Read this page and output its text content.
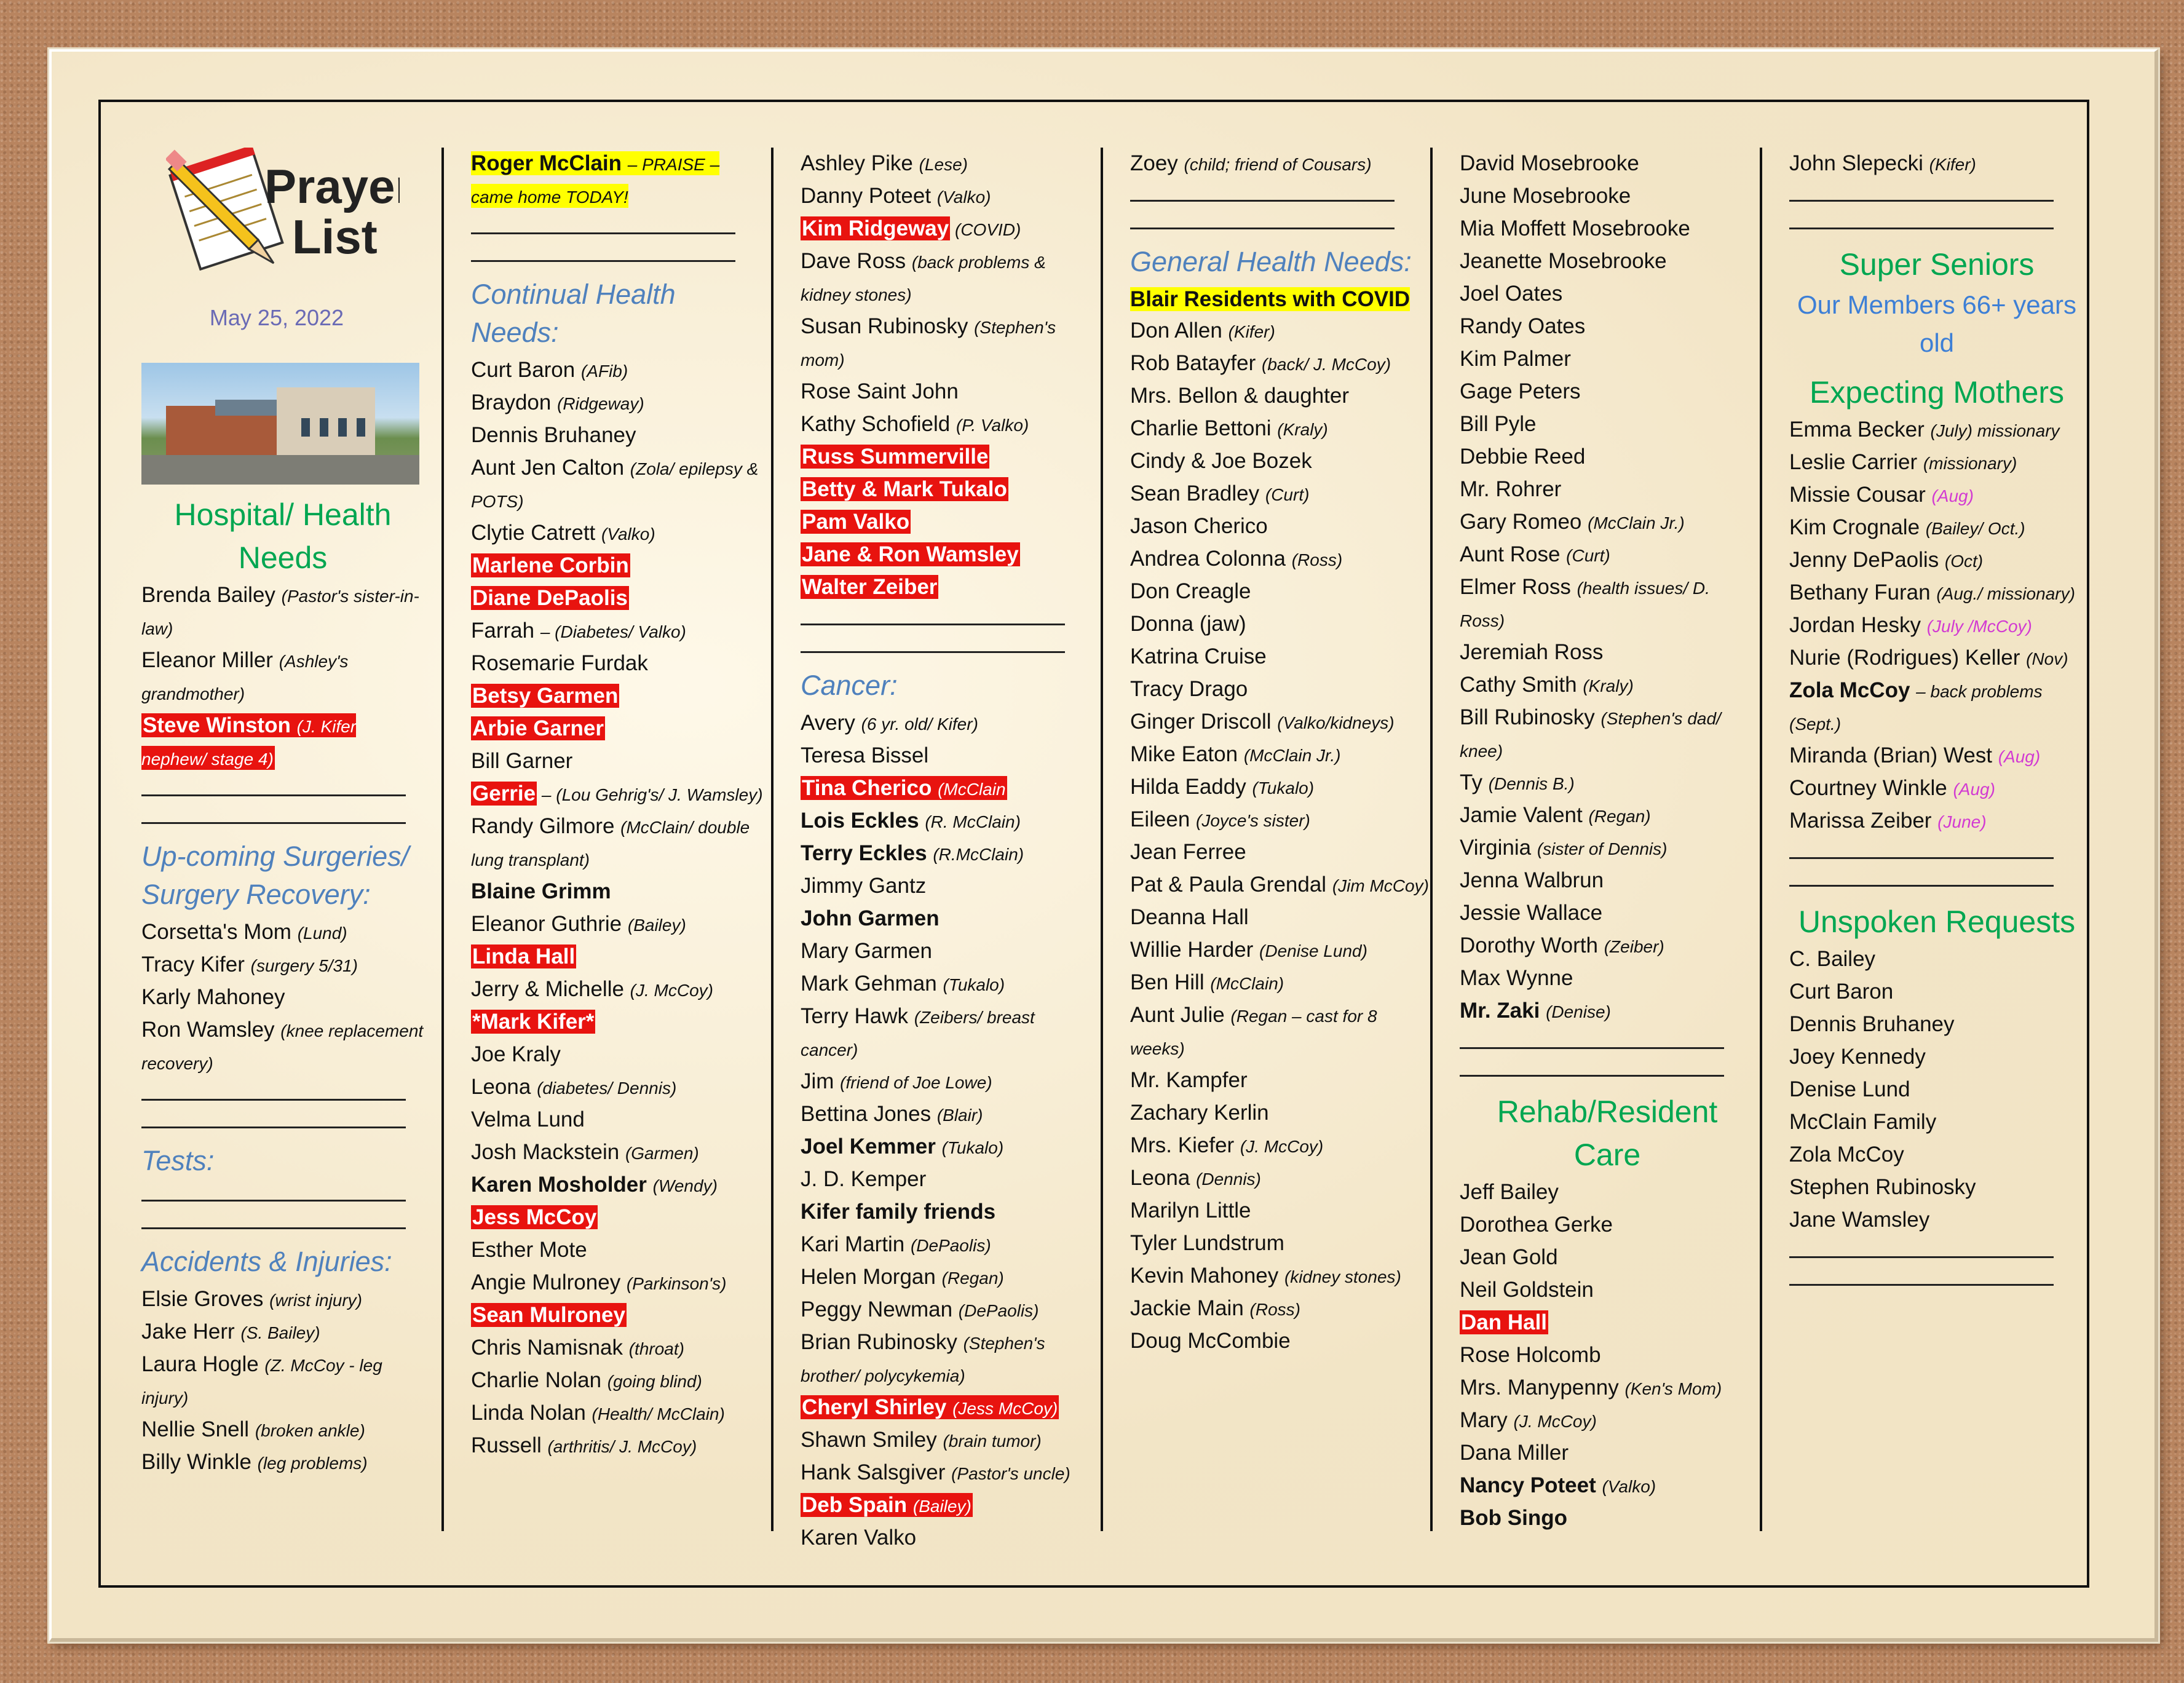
Prayer
List
May 25, 2022
Hospital/ Health Needs
Brenda Bailey (Pastor's sister-in-law)
Eleanor Miller (Ashley's grandmother)
Steve Winston (J. Kifer nephew/ stage 4)
Up-coming Surgeries/ Surgery Recovery:
Corsetta's Mom (Lund)
Tracy Kifer (surgery 5/31)
Karly Mahoney
Ron Wamsley (knee replacement recovery)
Tests:
Accidents & Injuries:
Elsie Groves (wrist injury)
Jake Herr (S. Bailey)
Laura Hogle (Z. McCoy - leg injury)
Nellie Snell (broken ankle)
Billy Winkle (leg problems)
Roger McClain – PRAISE – came home TODAY!
Continual Health Needs:
Curt Baron (AFib)
Braydon (Ridgeway)
Dennis Bruhaney
Aunt Jen Calton (Zola/ epilepsy & POTS)
Clytie Catrett (Valko)
Marlene Corbin
Diane DePaolis
Farrah – (Diabetes/ Valko)
Rosemarie Furdak
Betsy Garmen
Arbie Garner
Bill Garner
Gerrie – (Lou Gehrig's/ J. Wamsley)
Randy Gilmore (McClain/ double lung transplant)
Blaine Grimm
Eleanor Guthrie (Bailey)
Linda Hall
Jerry & Michelle (J. McCoy)
*Mark Kifer*
Joe Kraly
Leona (diabetes/ Dennis)
Velma Lund
Josh Mackstein (Garmen)
Karen Mosholder (Wendy)
Jess McCoy
Esther Mote
Angie Mulroney (Parkinson's)
Sean Mulroney
Chris Namisnak (throat)
Charlie Nolan (going blind)
Linda Nolan (Health/ McClain)
Russell (arthritis/ J. McCoy)
Ashley Pike (Lese)
Danny Poteet (Valko)
Kim Ridgeway (COVID)
Dave Ross (back problems & kidney stones)
Susan Rubinosky (Stephen's mom)
Rose Saint John
Kathy Schofield (P. Valko)
Russ Summerville
Betty & Mark Tukalo
Pam Valko
Jane & Ron Wamsley
Walter Zeiber
Cancer:
Avery (6 yr. old/ Kifer)
Teresa Bissel
Tina Cherico (McClain
Lois Eckles (R. McClain)
Terry Eckles (R.McClain)
Jimmy Gantz
John Garmen
Mary Garmen
Mark Gehman (Tukalo)
Terry Hawk (Zeibers/ breast cancer)
Jim (friend of Joe Lowe)
Bettina Jones (Blair)
Joel Kemmer (Tukalo)
J. D. Kemper
Kifer family friends
Kari Martin (DePaolis)
Helen Morgan (Regan)
Peggy Newman (DePaolis)
Brian Rubinosky (Stephen's brother/ polycykemia)
Cheryl Shirley (Jess McCoy)
Shawn Smiley (brain tumor)
Hank Salsgiver (Pastor's uncle)
Deb Spain (Bailey)
Karen Valko
Zoey (child; friend of Cousars)
General Health Needs:
Blair Residents with COVID
Don Allen (Kifer)
Rob Batayfer (back/ J. McCoy)
Mrs. Bellon & daughter
Charlie Bettoni (Kraly)
Cindy & Joe Bozek
Sean Bradley (Curt)
Jason Cherico
Andrea Colonna (Ross)
Don Creagle
Donna (jaw)
Katrina Cruise
Tracy Drago
Ginger Driscoll (Valko/kidneys)
Mike Eaton (McClain Jr.)
Hilda Eaddy (Tukalo)
Eileen (Joyce's sister)
Jean Ferree
Pat & Paula Grendal (Jim McCoy)
Deanna Hall
Willie Harder (Denise Lund)
Ben Hill (McClain)
Aunt Julie (Regan – cast for 8 weeks)
Mr. Kampfer
Zachary Kerlin
Mrs. Kiefer (J. McCoy)
Leona (Dennis)
Marilyn Little
Tyler Lundstrum
Kevin Mahoney (kidney stones)
Jackie Main (Ross)
Doug McCombie
David Mosebrooke
June Mosebrooke
Mia Moffett Mosebrooke
Jeanette Mosebrooke
Joel Oates
Randy Oates
Kim Palmer
Gage Peters
Bill Pyle
Debbie Reed
Mr. Rohrer
Gary Romeo (McClain Jr.)
Aunt Rose (Curt)
Elmer Ross (health issues/ D. Ross)
Jeremiah Ross
Cathy Smith (Kraly)
Bill Rubinosky (Stephen's dad/ knee)
Ty (Dennis B.)
Jamie Valent (Regan)
Virginia (sister of Dennis)
Jenna Walbrun
Jessie Wallace
Dorothy Worth (Zeiber)
Max Wynne
Mr. Zaki (Denise)
Rehab/Resident Care
Jeff Bailey
Dorothea Gerke
Jean Gold
Neil Goldstein
Dan Hall
Rose Holcomb
Mrs. Manypenny (Ken's Mom)
Mary (J. McCoy)
Dana Miller
Nancy Poteet (Valko)
Bob Singo
John Slepecki (Kifer)
Super Seniors
Our Members 66+ years old
Expecting Mothers
Emma Becker (July) missionary
Leslie Carrier (missionary)
Missie Cousar (Aug)
Kim Crognale (Bailey/ Oct.)
Jenny DePaolis (Oct)
Bethany Furan (Aug./ missionary)
Jordan Hesky (July /McCoy)
Nurie (Rodrigues) Keller (Nov)
Zola McCoy – back problems (Sept.)
Miranda (Brian) West (Aug)
Courtney Winkle (Aug)
Marissa Zeiber (June)
Unspoken Requests
C. Bailey
Curt Baron
Dennis Bruhaney
Joey Kennedy
Denise Lund
McClain Family
Zola McCoy
Stephen Rubinosky
Jane Wamsley
